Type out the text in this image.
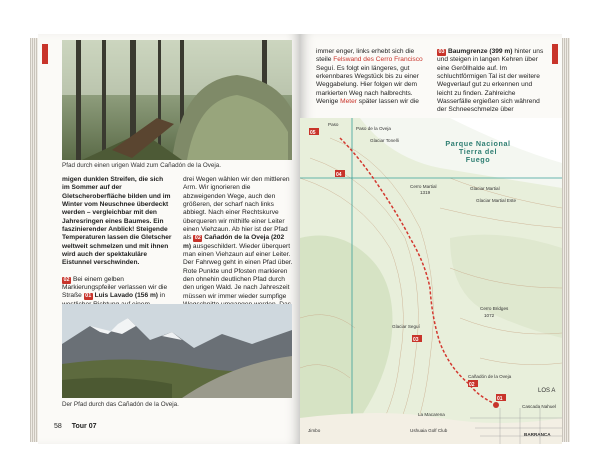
Pfad durch einen urigen Wald zum Cañadón de la Oveja.

migen dunklen Streifen, die sich im Sommer auf der Gletscheroberfläche bilden und im Winter vom Neuschnee überdeckt werden – vergleichbar mit den Jahresringen eines Baumes. Ein faszinierender Anblick! Steigende Temperaturen lassen die Gletscher weltweit schmelzen und mit ihnen wird auch der spektakuläre Eistunnel verschwinden.

02 Bei einem gelben Markierungspfeiler verlassen wir die Straße 01 Luis Lavado (156 m) in

drei Wegen wählen wir den mittleren Arm. Wir ignorieren die abzweigenden Wege, auch den größeren, der scharf nach links abbiegt. Nach einer Rechtskurve überqueren wir mithilfe einer Leiter einen Viehzaun. Ab hier ist der Pfad als 02 Cañadón de la Oveja (202 m) ausgeschildert. Wieder überquert man einen Viehzaun auf einer Leiter. Der Fahrweg geht in einen Pfad über. Rote Punkte und Pfosten markieren den ohnehin deutlichen Pfad durch den urigen Wald. Je nach Jahreszeit müssen wir immer wieder sumpfige

Der Pfad durch das Cañadón de la Oveja.
58 Tour 07

immer enger, links erhebt sich die steile Felswand des Cerro Francisco Seguí. Es folgt ein längeres, gut erkennbares Wegstück bis zu einer Weggabelung. Hier folgen wir dem markierten Weg nach halbrechts. Wenige Meter später lassen wir die

03 Baumgrenze (399 m) hinter uns und steigen in langen Kehren über eine Geröllhalde auf. Im schluchtförmigen Tal ist der weitere Wegverlauf gut zu erkennen und leicht zu finden. Zahlreiche Wasserfälle ergießen sich während der Schneeschmelze über

05
04
03
02
01
Parque Nacional
Tierra del
Fuego
Paso
Paso de la Oveja
Glaciar Tonelli
Glaciar Martial
Glaciar Martial Este
Cerro Martial
1319
Cerro Bridges
1072
Glaciar Seguí
Cañadón de la Oveja
LOS A
Cascada Nahuel
La Macarena
Ushuaia Golf Club
BARRANCA
Jimbo
